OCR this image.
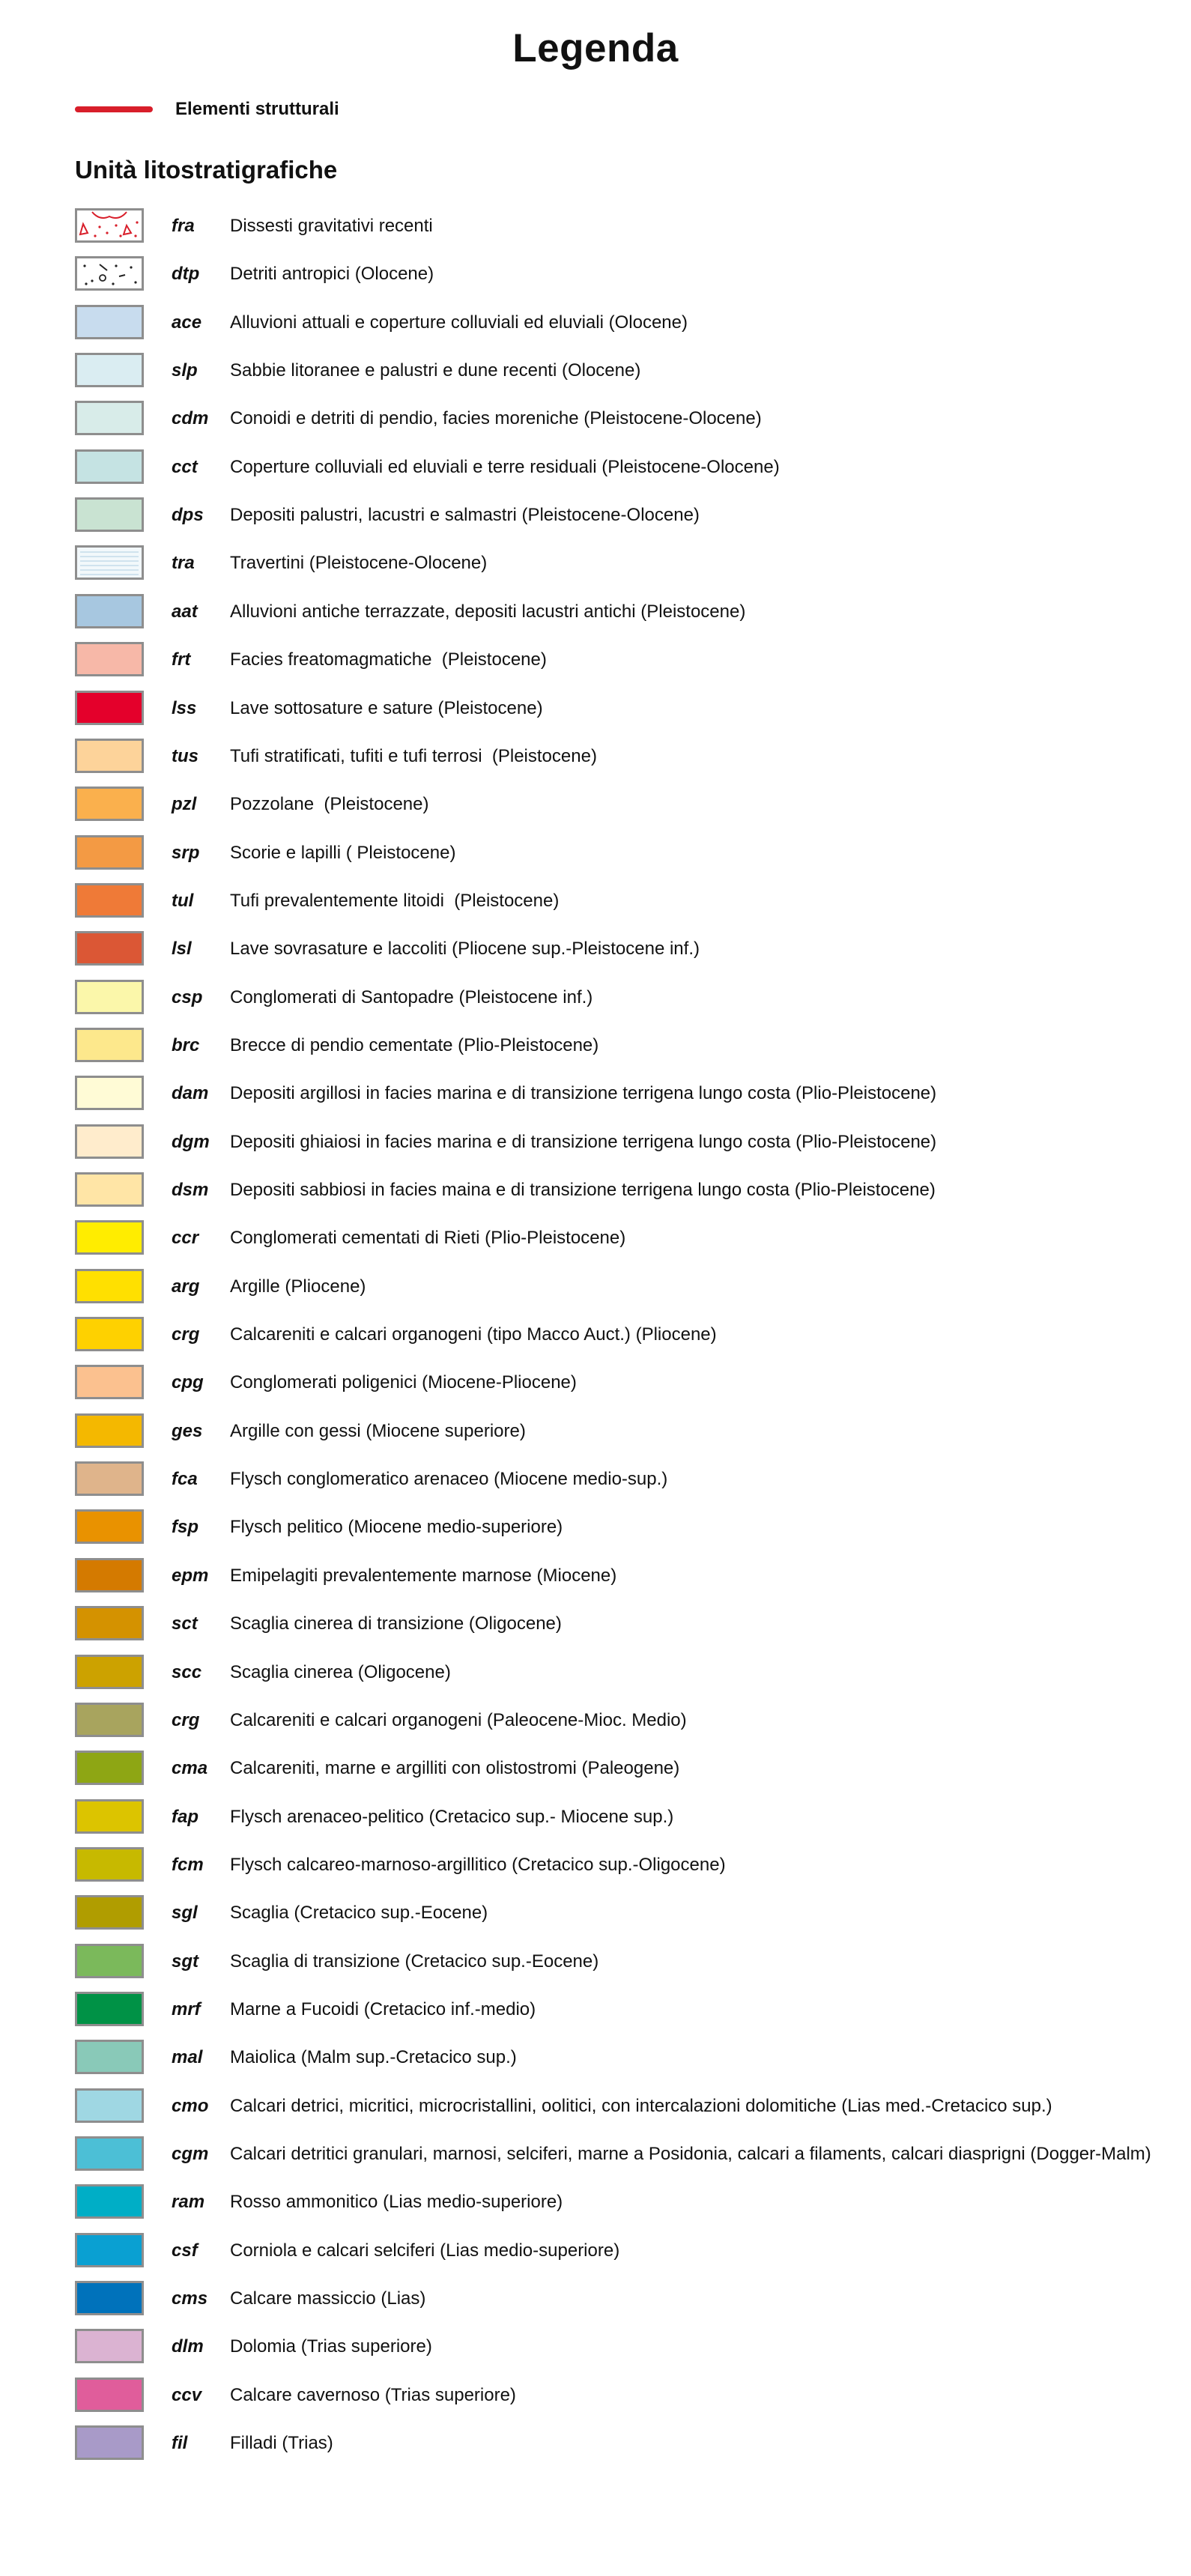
Legenda
Elementi strutturali
Unità litostratigrafiche
fra Dissesti gravitativi recenti
dtp Detriti antropici (Olocene)
ace Alluvioni attuali e coperture colluviali ed eluviali (Olocene)
slp Sabbie litoranee e palustri e dune recenti (Olocene)
cdm Conoidi e detriti di pendio, facies moreniche (Pleistocene-Olocene)
cct Coperture colluviali ed eluviali e terre residuali (Pleistocene-Olocene)
dps Depositi palustri, lacustri e salmastri (Pleistocene-Olocene)
tra Travertini (Pleistocene-Olocene)
aat Alluvioni antiche terrazzate, depositi lacustri antichi (Pleistocene)
frt Facies freatomagmatiche  (Pleistocene)
lss Lave sottosature e sature (Pleistocene)
tus Tufi stratificati, tufiti e tufi terrosi  (Pleistocene)
pzl Pozzolane  (Pleistocene)
srp Scorie e lapilli ( Pleistocene)
tul Tufi prevalentemente litoidi  (Pleistocene)
lsl Lave sovrasature e laccoliti (Pliocene sup.-Pleistocene inf.)
csp Conglomerati di Santopadre (Pleistocene inf.)
brc Brecce di pendio cementate (Plio-Pleistocene)
dam Depositi argillosi in facies marina e di transizione terrigena lungo costa (Plio-Pleistocene)
dgm Depositi ghiaiosi in facies marina e di transizione terrigena lungo costa (Plio-Pleistocene)
dsm Depositi sabbiosi in facies maina e di transizione terrigena lungo costa (Plio-Pleistocene)
ccr Conglomerati cementati di Rieti (Plio-Pleistocene)
arg Argille (Pliocene)
crg Calcareniti e calcari organogeni (tipo Macco Auct.) (Pliocene)
cpg Conglomerati poligenici (Miocene-Pliocene)
ges Argille con gessi (Miocene superiore)
fca Flysch conglomeratico arenaceo (Miocene medio-sup.)
fsp Flysch pelitico (Miocene medio-superiore)
epm Emipelagiti prevalentemente marnose (Miocene)
sct Scaglia cinerea di transizione (Oligocene)
scc Scaglia cinerea (Oligocene)
crg Calcareniti e calcari organogeni (Paleocene-Mioc. Medio)
cma Calcareniti, marne e argilliti con olistostromi (Paleogene)
fap Flysch arenaceo-pelitico (Cretacico sup.- Miocene sup.)
fcm Flysch calcareo-marnoso-argillitico (Cretacico sup.-Oligocene)
sgl Scaglia (Cretacico sup.-Eocene)
sgt Scaglia di transizione (Cretacico sup.-Eocene)
mrf Marne a Fucoidi (Cretacico inf.-medio)
mal Maiolica (Malm sup.-Cretacico sup.)
cmo Calcari detrici, micritici, microcristallini, oolitici, con intercalazioni dolomitiche (Lias med.-Cretacico sup.)
cgm Calcari detritici granulari, marnosi, selciferi, marne a Posidonia, calcari a filaments, calcari diasprigni (Dogger-Malm)
ram Rosso ammonitico (Lias medio-superiore)
csf Corniola e calcari selciferi (Lias medio-superiore)
cms Calcare massiccio (Lias)
dlm Dolomia (Trias superiore)
ccv Calcare cavernoso (Trias superiore)
fil Filladi (Trias)
